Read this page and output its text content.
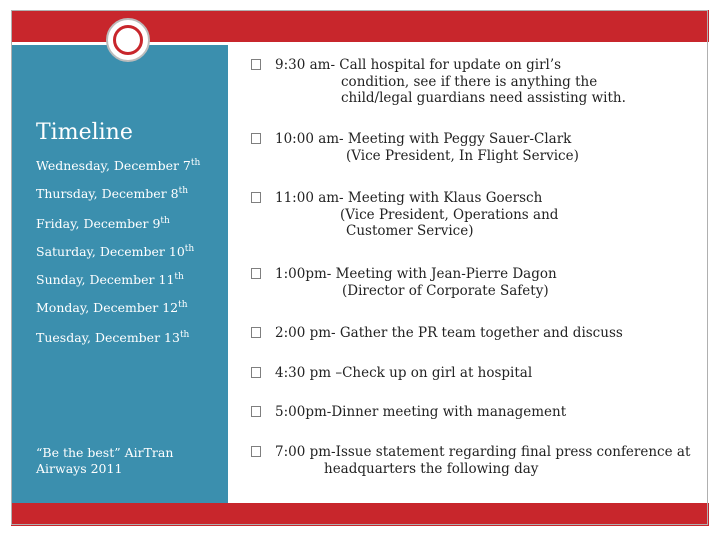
Timeline
Wednesday, December 7th
Thursday, December 8th
Friday, December 9th
Saturday, December 10th
Sunday, December 11th
Monday, December 12th
Tuesday, December 13th
“Be the best” AirTran Airways 2011
9:30 am- Call hospital for update on girl’s
condition, see if there is anything the
child/legal guardians need assisting with.
10:00 am- Meeting with Peggy Sauer-Clark
(Vice President, In Flight Service)
11:00 am- Meeting with Klaus Goersch
(Vice President, Operations and
Customer Service)
1:00pm- Meeting with Jean-Pierre Dagon
(Director of Corporate Safety)
2:00 pm- Gather the PR team together and discuss
4:30 pm –Check up on girl at hospital
5:00pm-Dinner meeting with management
7:00 pm-Issue statement regarding final press conference at
headquarters the following day
